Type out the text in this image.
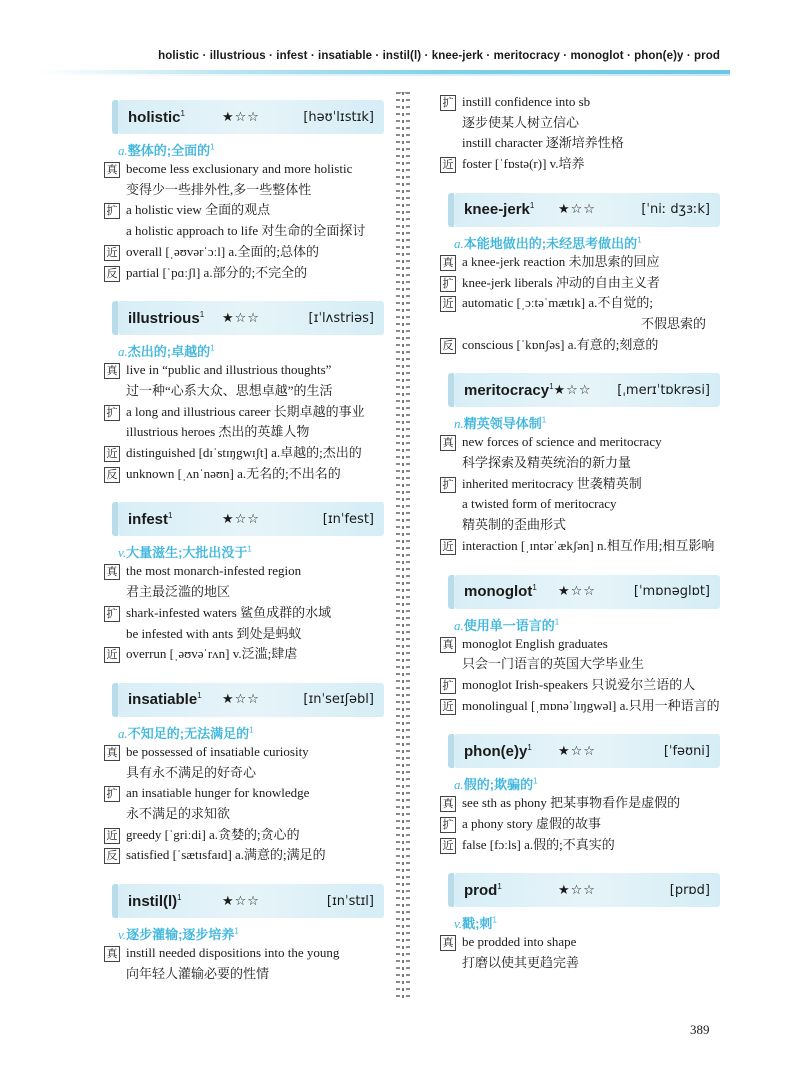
holistic · illustrious · infest · insatiable · instil(l) · knee-jerk · meritocracy · monoglot · phon(e)y · prod
holistic$^1$	★☆☆	[həʊˈlɪstɪk]
a.整体的;全面的$^1$
真 become less exclusionary and more holistic
变得少一些排外性,多一些整体性
扩 a holistic view 全面的观点
a holistic approach to life 对生命的全面探讨
近 overall [ˌəʊvərˈɔːl] a.全面的;总体的
反 partial [ˈpɑːʃl] a.部分的;不完全的
illustrious$^1$	★☆☆	[ɪˈlʌstriəs]
a.杰出的;卓越的$^1$
真 live in “public and illustrious thoughts”
过一种“心系大众、思想卓越”的生活
扩 a long and illustrious career 长期卓越的事业
illustrious heroes 杰出的英雄人物
近 distinguished [dɪˈstɪŋgwɪʃt] a.卓越的;杰出的
反 unknown [ˌʌnˈnəʊn] a.无名的;不出名的
infest$^1$	★☆☆	[ɪnˈfest]
v.大量滋生;大批出没于$^1$
真 the most monarch-infested region
君主最泛滥的地区
扩 shark-infested waters 鲨鱼成群的水域
be infested with ants 到处是蚂蚁
近 overrun [ˌəʊvəˈrʌn] v.泛滥;肆虐
insatiable$^1$	★☆☆	[ɪnˈseɪʃəbl]
a.不知足的;无法满足的$^1$
真 be possessed of insatiable curiosity
具有永不满足的好奇心
扩 an insatiable hunger for knowledge
永不满足的求知欲
近 greedy [ˈgriːdi] a.贪婪的;贪心的
反 satisfied [ˈsætɪsfaɪd] a.满意的;满足的
$instil(l)^1$	★☆☆	[ɪnˈstɪl]
v.逐步灌输;逐步培养$^1$
真 instill needed dispositions into the young
向年轻人灌输必要的性情
扩 instill confidence into sb
逐步使某人树立信心
instill character 逐渐培养性格
近 foster [ˈfɒstə(r)] v.培养
knee-jerk$^1$	★☆☆	[ˈniː dʒɜːk]
a.本能地做出的;未经思考做出的$^1$
真 a knee-jerk reaction 未加思索的回应
扩 knee-jerk liberals 冲动的自由主义者
近 automatic [ˌɔːtəˈmætɪk] a.不自觉的;
不假思索的
反 conscious [ˈkɒnʃəs] a.有意的;刻意的
meritocracy$^1$ ★☆☆	[ˌmerɪˈtɒkrəsi]
n.精英领导体制$^1$
真 new forces of science and meritocracy
科学探索及精英统治的新力量
扩 inherited meritocracy 世袭精英制
a twisted form of meritocracy
精英制的歪曲形式
近 interaction [ˌɪntərˈækʃən] n.相互作用;相互影响
monoglot$^1$	★☆☆	[ˈmɒnəglɒt]
a.使用单一语言的$^1$
真 monoglot English graduates
只会一门语言的英国大学毕业生
扩 monoglot Irish-speakers 只说爱尔兰语的人
近 monolingual [ˌmɒnəˈlɪŋgwəl] a.只用一种语言的
$phon(e)y^1$	★☆☆	[ˈfəʊni]
a.假的;欺骗的$^1$
真 see sth as phony 把某事物看作是虚假的
扩 a phony story 虚假的故事
近 false [fɔːls] a.假的;不真实的
prod$^1$	★☆☆	[prɒd]
v.戳;刺$^1$
真 be prodded into shape
打磨以使其更趋完善
389
